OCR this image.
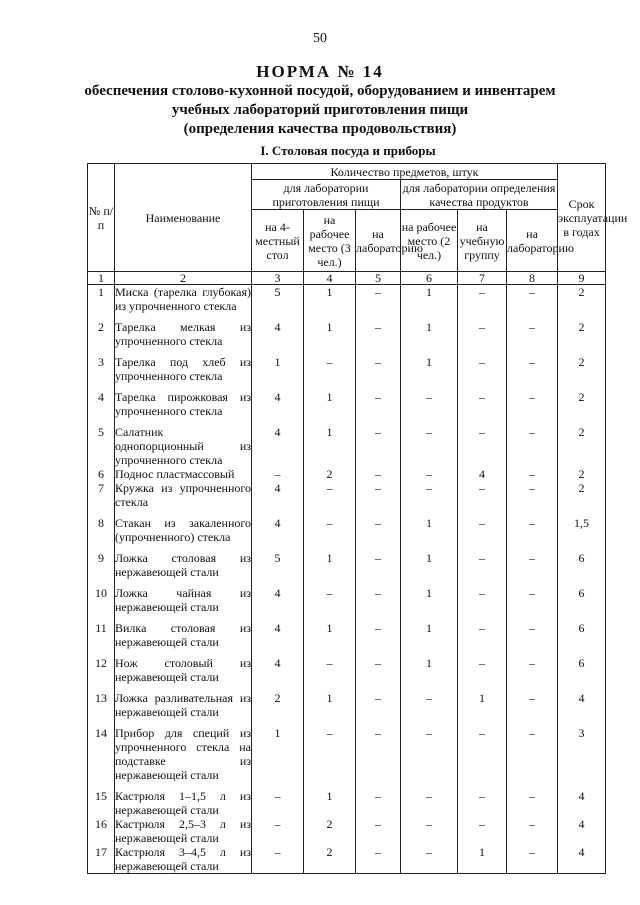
50
НОРМА № 14
обеспечения столово-кухонной посудой, оборудованием и инвентарем
учебных лабораторий приготовления пищи
(определения качества продовольствия)
I. Столовая посуда и приборы
№ п/п	Наименование	Количество предметов, штук						Срок эксплуатации в годах
		для лаборатории приготовления пищи			для лаборатории определения качества продуктов			
		на 4-местный стол	на рабочее место (3 чел.)	на лабораторию	на рабочее место (2 чел.)	на учебную группу	на лабораторию	
1	2	3	4	5	6	7	8	9
1	Миска (тарелка глубокая) из упрочненного стекла	5	1	–	1	–	–	2
2	Тарелка мелкая из упрочненного стекла	4	1	–	1	–	–	2
3	Тарелка под хлеб из упрочненного стекла	1	–	–	1	–	–	2
4	Тарелка пирожковая из упрочненного стекла	4	1	–	–	–	–	2
5	Салатник однопорционный из упрочненного стекла	4	1	–	–	–	–	2
6	Поднос пластмассовый	–	2	–	–	4	–	2
7	Кружка из упрочненного стекла	4	–	–	–	–	–	2
8	Стакан из закаленного (упрочненного) стекла	4	–	–	1	–	–	1,5
9	Ложка столовая из нержавеющей стали	5	1	–	1	–	–	6
10	Ложка чайная из нержавеющей стали	4	–	–	1	–	–	6
11	Вилка столовая из нержавеющей стали	4	1	–	1	–	–	6
12	Нож столовый из нержавеющей стали	4	–	–	1	–	–	6
13	Ложка разливательная из нержавеющей стали	2	1	–	–	1	–	4
14	Прибор для специй из упрочненного стекла на подставке из нержавеющей стали	1	–	–	–	–	–	3
15	Кастрюля 1–1,5 л из нержавеющей стали	–	1	–	–	–	–	4
16	Кастрюля 2,5–3 л из нержавеющей стали	–	2	–	–	–	–	4
17	Кастрюля 3–4,5 л из нержавеющей стали	–	2	–	–	1	–	4
